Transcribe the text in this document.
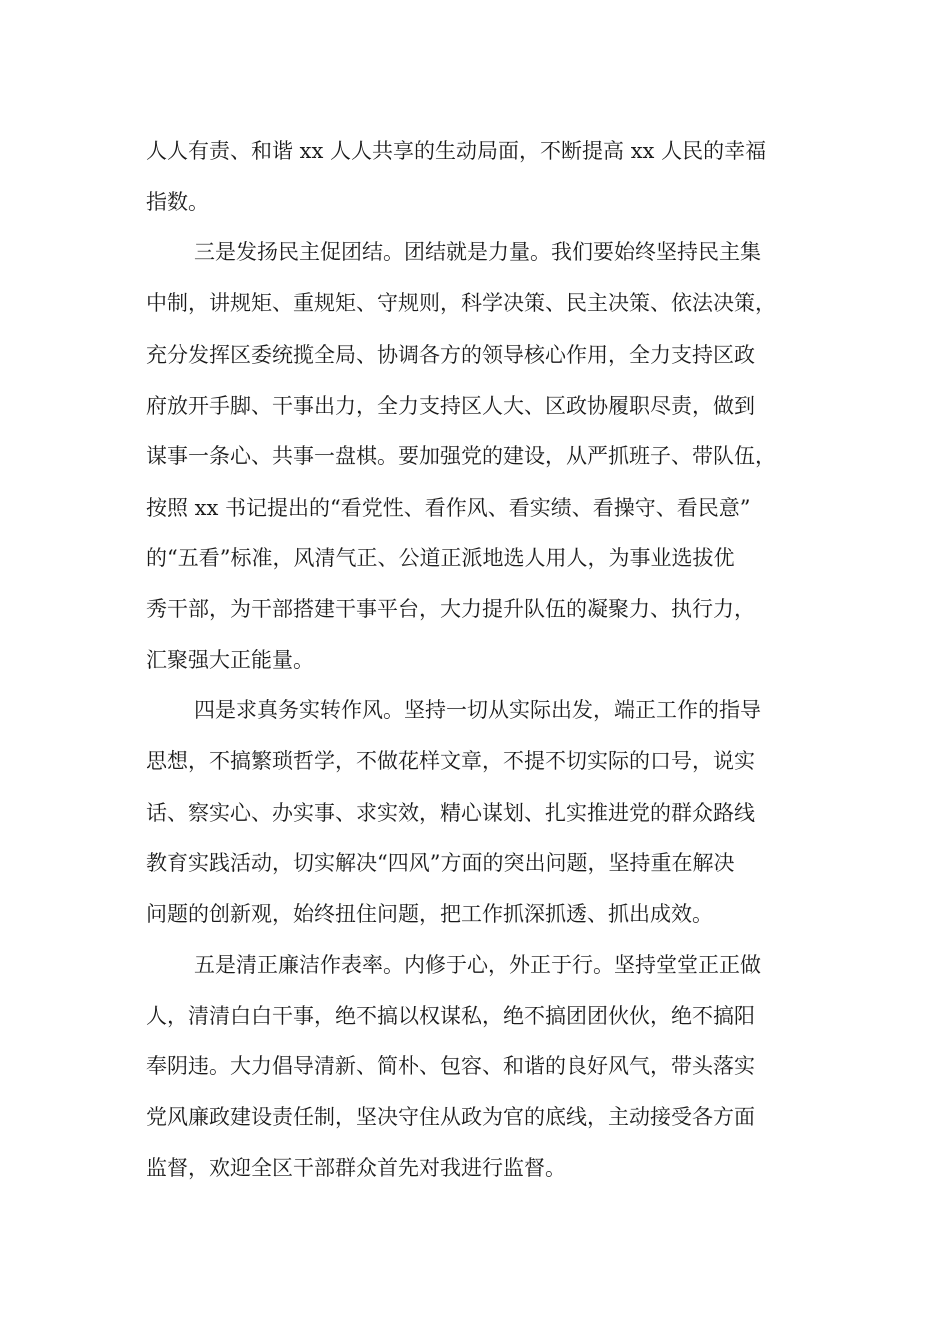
人人有责、和谐 xx 人人共享的生动局面，不断提高 xx 人民的幸福

指数。

三是发扬民主促团结。团结就是力量。我们要始终坚持民主集

中制，讲规矩、重规矩、守规则，科学决策、民主决策、依法决策，

充分发挥区委统揽全局、协调各方的领导核心作用，全力支持区政

府放开手脚、干事出力，全力支持区人大、区政协履职尽责，做到

谋事一条心、共事一盘棋。要加强党的建设，从严抓班子、带队伍，

按照 xx 书记提出的“看党性、看作风、看实绩、看操守、看民意”

的“五看”标准，风清气正、公道正派地选人用人，为事业选拔优

秀干部，为干部搭建干事平台，大力提升队伍的凝聚力、执行力，

汇聚强大正能量。

四是求真务实转作风。坚持一切从实际出发，端正工作的指导

思想，不搞繁琐哲学，不做花样文章，不提不切实际的口号，说实

话、察实心、办实事、求实效，精心谋划、扎实推进党的群众路线

教育实践活动，切实解决“四风”方面的突出问题，坚持重在解决

问题的创新观，始终扭住问题，把工作抓深抓透、抓出成效。

五是清正廉洁作表率。内修于心，外正于行。坚持堂堂正正做

人，清清白白干事，绝不搞以权谋私，绝不搞团团伙伙，绝不搞阳

奉阴违。大力倡导清新、简朴、包容、和谐的良好风气，带头落实

党风廉政建设责任制，坚决守住从政为官的底线，主动接受各方面

监督，欢迎全区干部群众首先对我进行监督。
